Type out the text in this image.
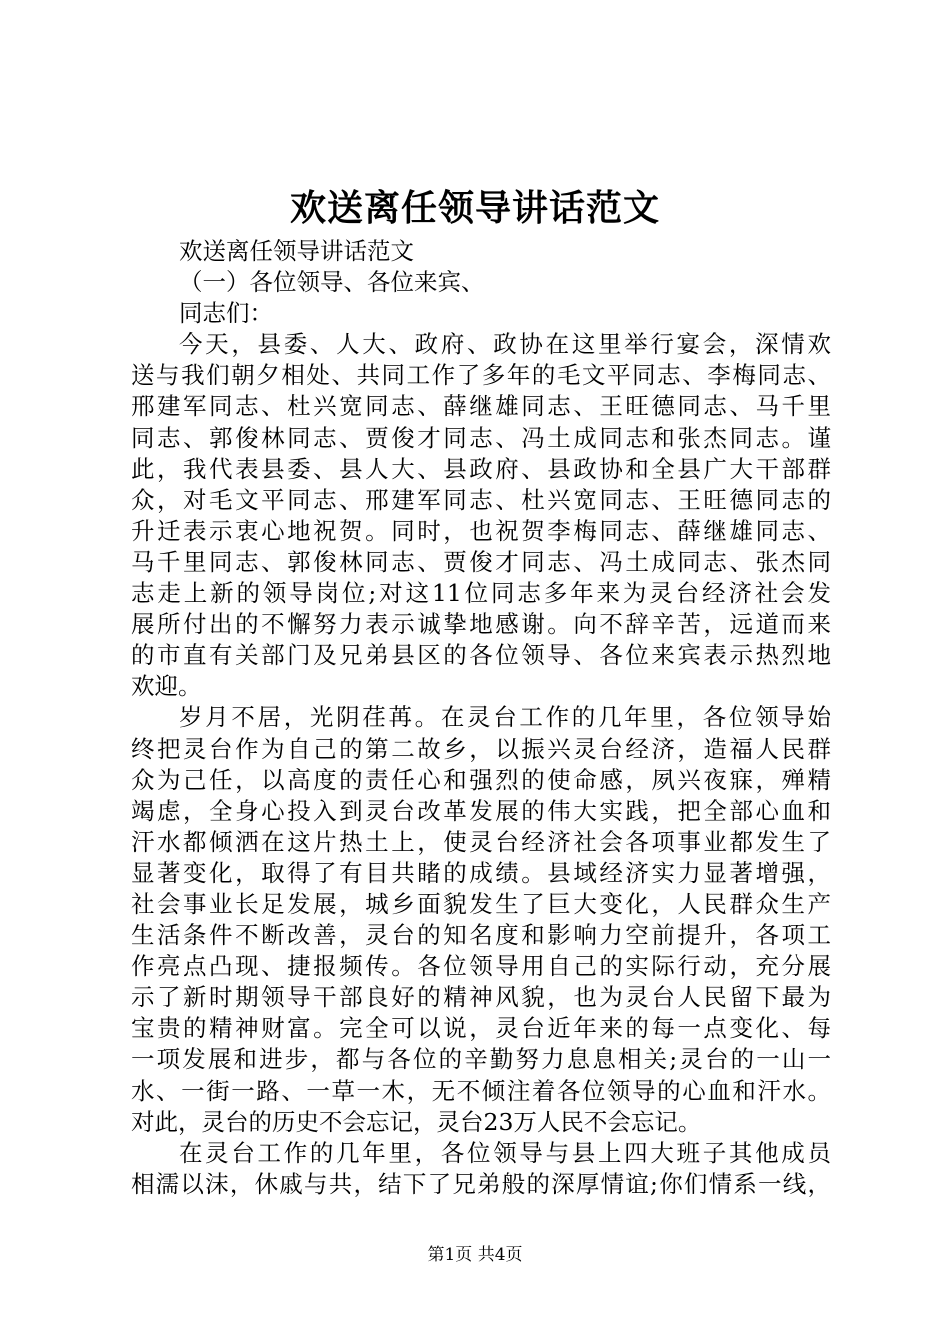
欢送离任领导讲话范文
欢送离任领导讲话范文
（一）各位领导、各位来宾、
同志们：
今天，县委、人大、政府、政协在这里举行宴会，深情欢
送与我们朝夕相处、共同工作了多年的毛文平同志、李梅同志、
邢建军同志、杜兴宽同志、薛继雄同志、王旺德同志、马千里
同志、郭俊林同志、贾俊才同志、冯土成同志和张杰同志。谨
此，我代表县委、县人大、县政府、县政协和全县广大干部群
众，对毛文平同志、邢建军同志、杜兴宽同志、王旺德同志的
升迁表示衷心地祝贺。同时，也祝贺李梅同志、薛继雄同志、
马千里同志、郭俊林同志、贾俊才同志、冯土成同志、张杰同
志走上新的领导岗位;对这11位同志多年来为灵台经济社会发
展所付出的不懈努力表示诚挚地感谢。向不辞辛苦，远道而来
的市直有关部门及兄弟县区的各位领导、各位来宾表示热烈地
欢迎。
岁月不居，光阴荏苒。在灵台工作的几年里，各位领导始
终把灵台作为自己的第二故乡，以振兴灵台经济，造福人民群
众为己任，以高度的责任心和强烈的使命感，夙兴夜寐，殚精
竭虑，全身心投入到灵台改革发展的伟大实践，把全部心血和
汗水都倾洒在这片热土上，使灵台经济社会各项事业都发生了
显著变化，取得了有目共睹的成绩。县域经济实力显著增强，
社会事业长足发展，城乡面貌发生了巨大变化，人民群众生产
生活条件不断改善，灵台的知名度和影响力空前提升，各项工
作亮点凸现、捷报频传。各位领导用自己的实际行动，充分展
示了新时期领导干部良好的精神风貌，也为灵台人民留下最为
宝贵的精神财富。完全可以说，灵台近年来的每一点变化、每
一项发展和进步，都与各位的辛勤努力息息相关;灵台的一山一
水、一街一路、一草一木，无不倾注着各位领导的心血和汗水。
对此，灵台的历史不会忘记，灵台23万人民不会忘记。
在灵台工作的几年里，各位领导与县上四大班子其他成员
相濡以沫，休戚与共，结下了兄弟般的深厚情谊;你们情系一线，
第1页 共4页
